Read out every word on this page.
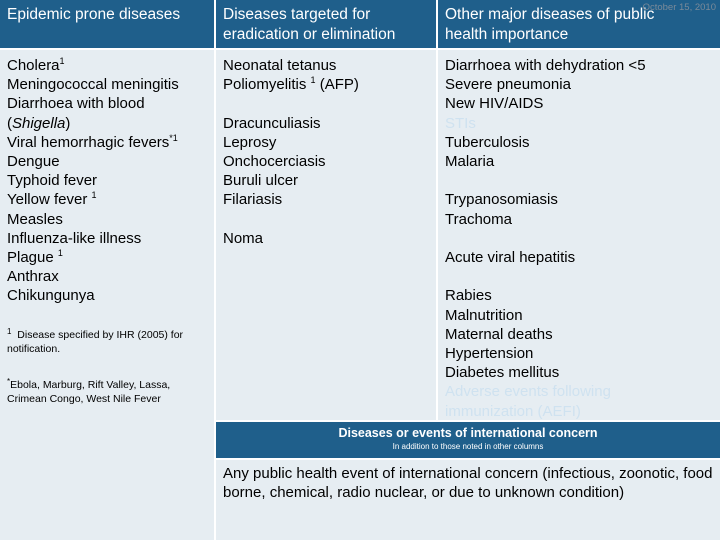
Epidemic prone diseases	Diseases targeted for
eradication or elimination
Other major diseases of public
health importance
October 15, 2010
Cholera$^1$
Meningococcal meningitis
Diarrhoea with blood
(Shigella)
Viral hemorrhagic fevers$^{*1}$
Dengue
Typhoid fever
Yellow fever $^1$
Measles
Influenza-like illness
Plague $^1$
Anthrax
Chikungunya
$^1$ Disease specified by IHR (2005) for notification.
*Ebola, Marburg, Rift Valley, Lassa, Crimean Congo, West Nile Fever
Neonatal tetanus
Poliomyelitis $^1$ (AFP)
Dracunculiasis
Leprosy
Onchocerciasis
Buruli ulcer
Filariasis
Noma
Diarrhoea with dehydration <5
Severe pneumonia
New HIV/AIDS
STIs
Tuberculosis
Malaria
Trypanosomiasis
Trachoma
Acute viral hepatitis
Rabies
Malnutrition
Maternal deaths
Hypertension
Diabetes mellitus
Adverse events following
immunization (AEFI)
Diseases or events of international concern
In addition to those noted in other columns
Any public health event of international concern (infectious, zoonotic, food borne, chemical, radio nuclear, or due to unknown condition)
